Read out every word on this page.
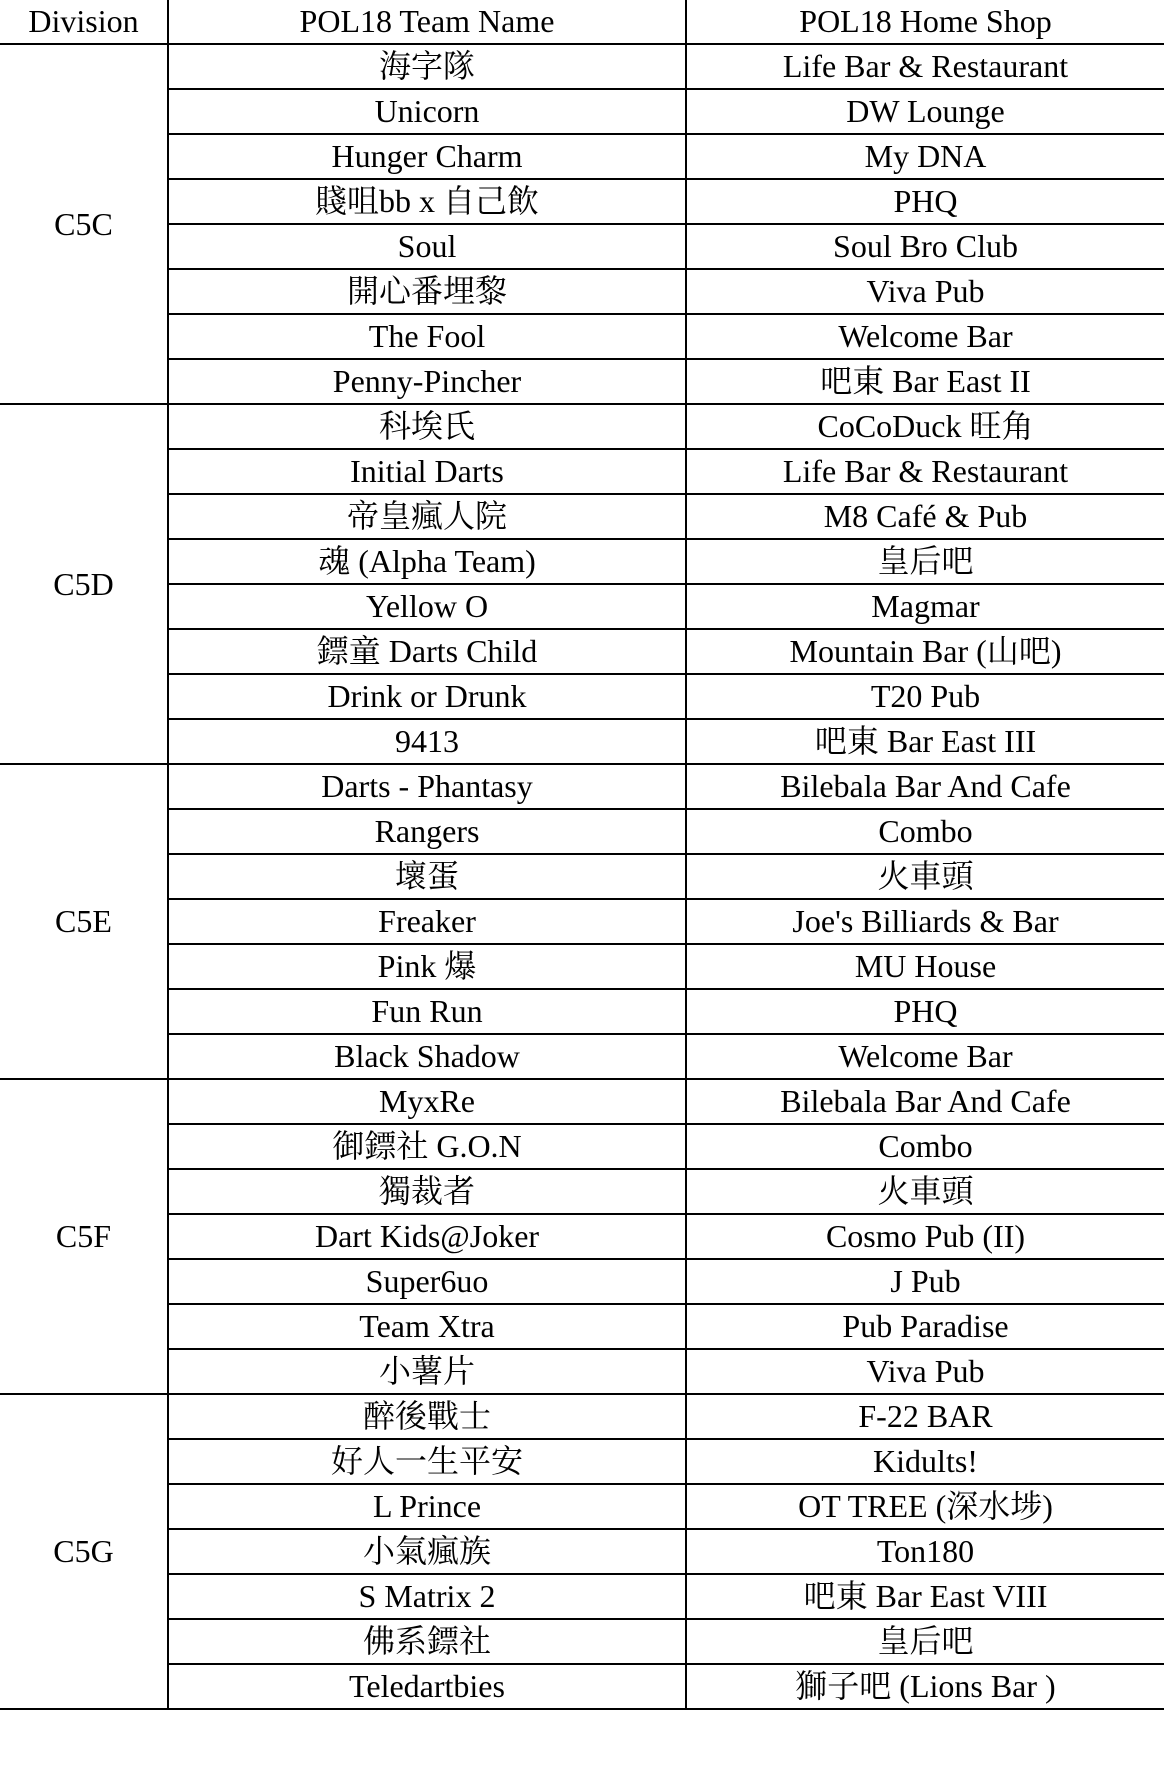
Division	POL18 Team Name	POL18 Home Shop
C5C	海字隊	Life Bar & Restaurant
	Unicorn	DW Lounge
	Hunger Charm	My DNA
	賤咀bb x 自己飲	PHQ
	Soul	Soul Bro Club
	開心番埋黎	Viva Pub
	The Fool	Welcome Bar
	Penny-Pincher	吧東 Bar East II
C5D	科埃氏	CoCoDuck 旺角
	Initial Darts	Life Bar & Restaurant
	帝皇瘋人院	M8 Café & Pub
	魂 (Alpha Team)	皇后吧
	Yellow O	Magmar
	鏢童 Darts Child	Mountain Bar (山吧)
	Drink or Drunk	T20 Pub
	9413	吧東 Bar East III
C5E	Darts - Phantasy	Bilebala Bar And Cafe
	Rangers	Combo
	壞蛋	火車頭
	Freaker	Joe's Billiards & Bar
	Pink 爆	MU House
	Fun Run	PHQ
	Black Shadow	Welcome Bar
C5F	MyxRe	Bilebala Bar And Cafe
	御鏢社 G.O.N	Combo
	獨裁者	火車頭
	Dart Kids@Joker	Cosmo Pub (II)
	Super6uo	J Pub
	Team Xtra	Pub Paradise
	小薯片	Viva Pub
C5G	醉後戰士	F-22 BAR
	好人一生平安	Kidults!
	L Prince	OT TREE (深水埗)
	小氣瘋族	Ton180
	S Matrix 2	吧東 Bar East VIII
	佛系鏢社	皇后吧
	Teledartbies	獅子吧 (Lions Bar )
